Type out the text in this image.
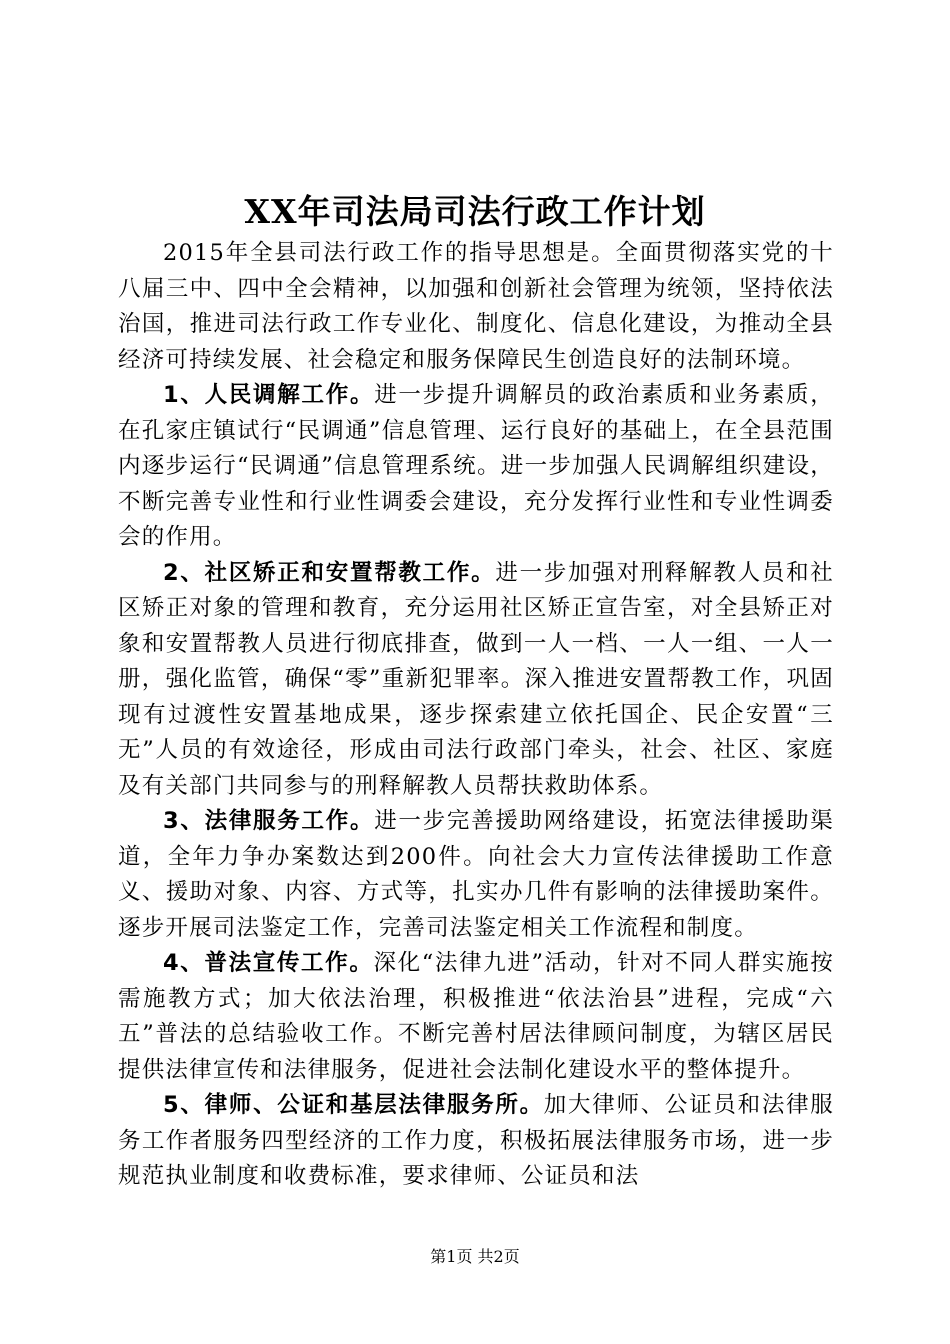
XX年司法局司法行政工作计划

2015年全县司法行政工作的指导思想是。全面贯彻落实党的十八届三中、四中全会精神，以加强和创新社会管理为统领，坚持依法治国，推进司法行政工作专业化、制度化、信息化建设，为推动全县经济可持续发展、社会稳定和服务保障民生创造良好的法制环境。

1、人民调解工作。进一步提升调解员的政治素质和业务素质，在孔家庄镇试行“民调通”信息管理、运行良好的基础上，在全县范围内逐步运行“民调通”信息管理系统。进一步加强人民调解组织建设，不断完善专业性和行业性调委会建设，充分发挥行业性和专业性调委会的作用。

2、社区矫正和安置帮教工作。进一步加强对刑释解教人员和社区矫正对象的管理和教育，充分运用社区矫正宣告室，对全县矫正对象和安置帮教人员进行彻底排查，做到一人一档、一人一组、一人一册，强化监管，确保“零”重新犯罪率。深入推进安置帮教工作，巩固现有过渡性安置基地成果，逐步探索建立依托国企、民企安置“三无”人员的有效途径，形成由司法行政部门牵头，社会、社区、家庭及有关部门共同参与的刑释解教人员帮扶救助体系。

3、法律服务工作。进一步完善援助网络建设，拓宽法律援助渠道，全年力争办案数达到200件。向社会大力宣传法律援助工作意义、援助对象、内容、方式等，扎实办几件有影响的法律援助案件。逐步开展司法鉴定工作，完善司法鉴定相关工作流程和制度。

4、普法宣传工作。深化“法律九进”活动，针对不同人群实施按需施教方式；加大依法治理，积极推进“依法治县”进程，完成“六五”普法的总结验收工作。不断完善村居法律顾问制度，为辖区居民提供法律宣传和法律服务，促进社会法制化建设水平的整体提升。

5、律师、公证和基层法律服务所。加大律师、公证员和法律服务工作者服务四型经济的工作力度，积极拓展法律服务市场，进一步规范执业制度和收费标准，要求律师、公证员和法

第1页 共2页
